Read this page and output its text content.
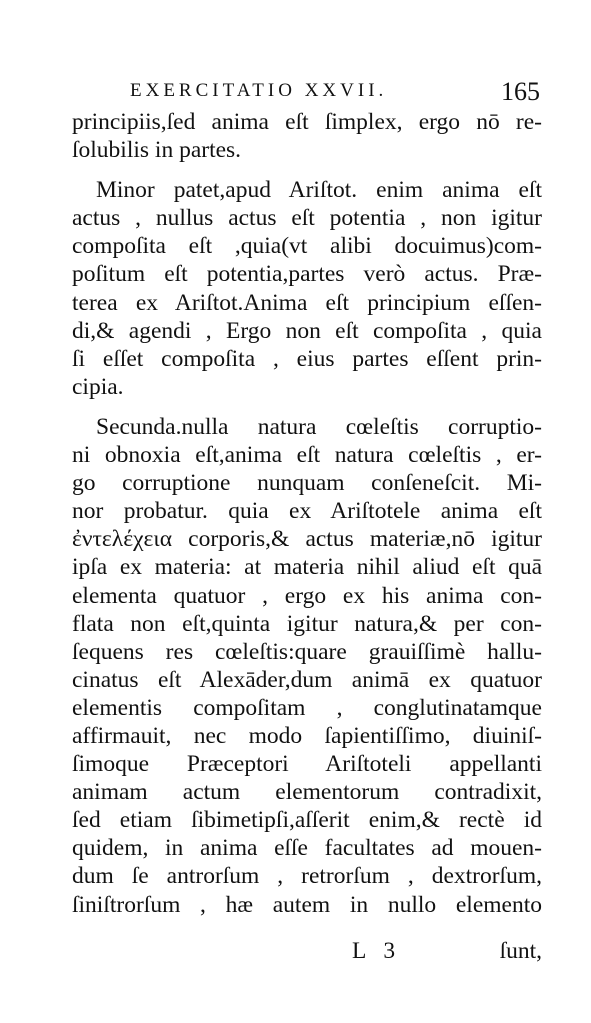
EXERCITATIO XXVII.	165
principiis,ſed anima eſt ſimplex, ergo nō re-
ſolubilis in partes.
Minor patet,apud Ariſtot. enim anima eſt
actus , nullus actus eſt potentia , non igitur
compoſita eſt ,quia(vt alibi docuimus)com-
poſitum eſt potentia,partes verò actus. Præ-
terea ex Ariſtot.Anima eſt principium eſſen-
di,& agendi , Ergo non eſt compoſita , quia
ſi eſſet compoſita , eius partes eſſent prin-
cipia.
Secunda.nulla natura cœleſtis corruptio-
ni obnoxia eſt,anima eſt natura cœleſtis , er-
go corruptione nunquam conſeneſcit. Mi-
nor probatur. quia ex Ariſtotele anima eſt
ἐντελέχεια corporis,& actus materiæ,nō igitur
ipſa ex materia: at materia nihil aliud eſt quā
elementa quatuor , ergo ex his anima con-
flata non eſt,quinta igitur natura,& per con-
ſequens res cœleſtis:quare grauiſſimè hallu-
cinatus eſt Alexāder,dum animā ex quatuor
elementis compoſitam , conglutinatamque
affirmauit, nec modo ſapientiſſimo, diuiniſ-
ſimoque Præceptori Ariſtoteli appellanti
animam actum elementorum contradixit,
ſed etiam ſibimetipſi,aſſerit enim,& rectè id
quidem, in anima eſſe facultates ad mouen-
dum ſe antrorſum , retrorſum , dextrorſum,
ſiniſtrorſum , hæ autem in nullo elemento
L 3	ſunt,
